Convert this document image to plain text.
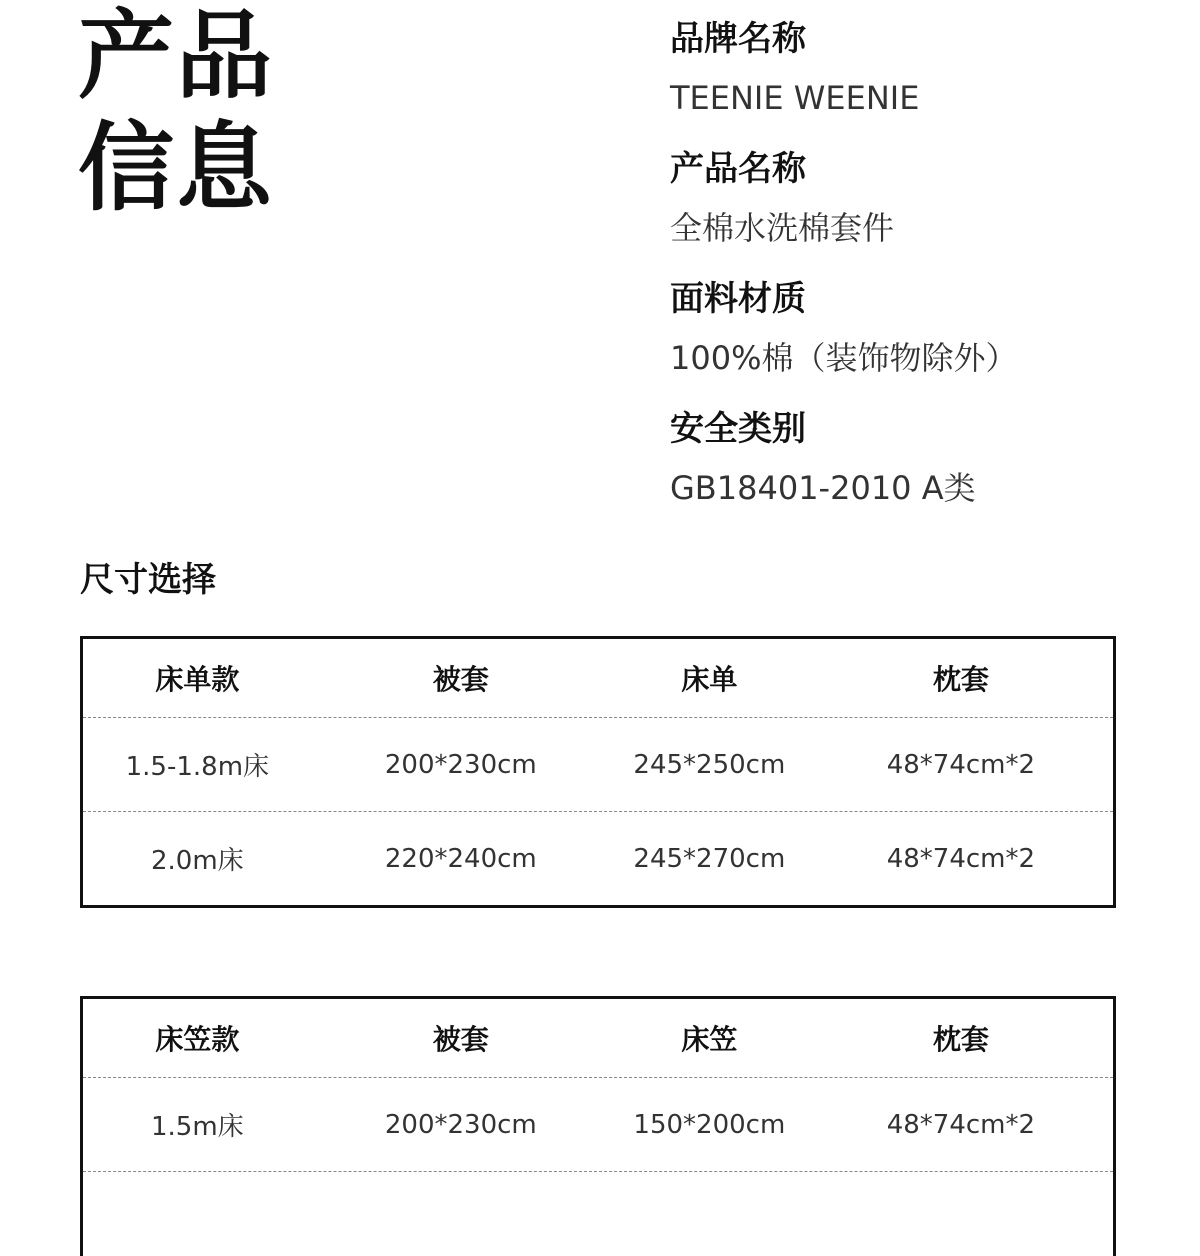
产品
信息
品牌名称
TEENIE WEENIE
产品名称
全棉水洗棉套件
面料材质
100%棉（装饰物除外）
安全类别
GB18401-2010 A类
尺寸选择
床单款	被套	床单	枕套
1.5-1.8m床	200*230cm	245*250cm	48*74cm*2
2.0m床	220*240cm	245*270cm	48*74cm*2
床笠款	被套	床笠	枕套
1.5m床	200*230cm	150*200cm	48*74cm*2
